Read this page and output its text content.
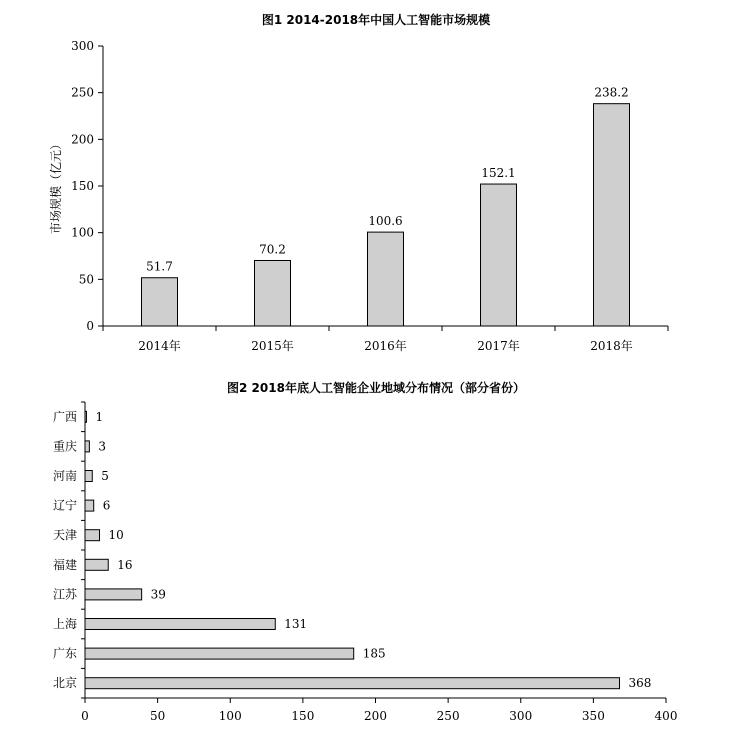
图1 2014-2018年中国人工智能市场规模
市场规模（亿元）
0
50
100
150
200
250
300
51.7
2014年
70.2
2015年
100.6
2016年
152.1
2017年
238.2
2018年
图2 2018年底人工智能企业地域分布情况（部分省份）
0	50	100	150	200	250	300	350	400
1
广西
3
重庆
5
河南
6
辽宁
10
天津
16
福建
39
江苏
131
上海
185
广东
368
北京
